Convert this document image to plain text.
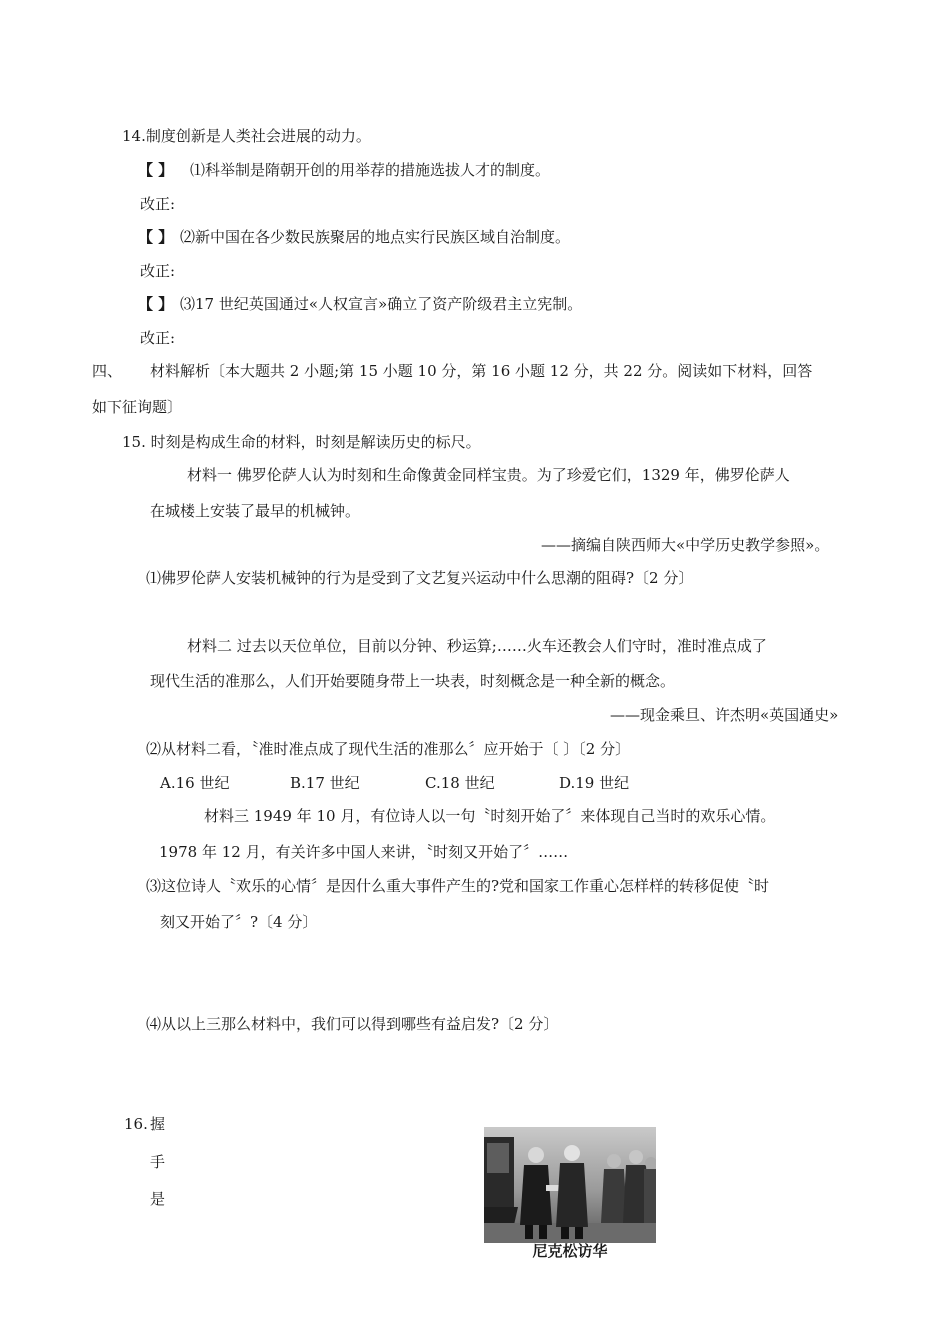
14.制度创新是人类社会进展的动力。
【 】 ⑴科举制是隋朝开创的用举荐的措施选拔人才的制度。
改正:
【 】 ⑵新中国在各少数民族聚居的地点实行民族区域自治制度。
改正:
【 】 ⑶17 世纪英国通过«人权宣言»确立了资产阶级君主立宪制。
改正:
四、 材料解析〔本大题共 2 小题;第 15 小题 10 分，第 16 小题 12 分，共 22 分。阅读如下材料，回答
如下征询题〕
15. 时刻是构成生命的材料，时刻是解读历史的标尺。
材料一 佛罗伦萨人认为时刻和生命像黄金同样宝贵。为了珍爱它们，1329 年，佛罗伦萨人
在城楼上安装了最早的机械钟。
——摘编自陕西师大«中学历史教学参照»。
⑴佛罗伦萨人安装机械钟的行为是受到了文艺复兴运动中什么思潮的阻碍?〔2 分〕
材料二 过去以天位单位，目前以分钟、秒运算;……火车还教会人们守时，准时准点成了
现代生活的准那么，人们开始要随身带上一块表，时刻概念是一种全新的概念。
——现金乘旦、许杰明«英国通史»
⑵从材料二看，〝准时准点成了现代生活的准那么〞应开始于〔 〕〔2 分〕
A.16 世纪	B.17 世纪	C.18 世纪	D.19 世纪
材料三 1949 年 10 月，有位诗人以一句〝时刻开始了〞来体现自己当时的欢乐心情。
1978 年 12 月，有关许多中国人来讲，〝时刻又开始了〞……
⑶这位诗人〝欢乐的心情〞是因什么重大事件产生的?党和国家工作重心怎样样的转移促使〝时
刻又开始了〞?〔4 分〕
⑷从以上三那么材料中，我们可以得到哪些有益启发?〔2 分〕
16. 握
手
是
尼克松访华
